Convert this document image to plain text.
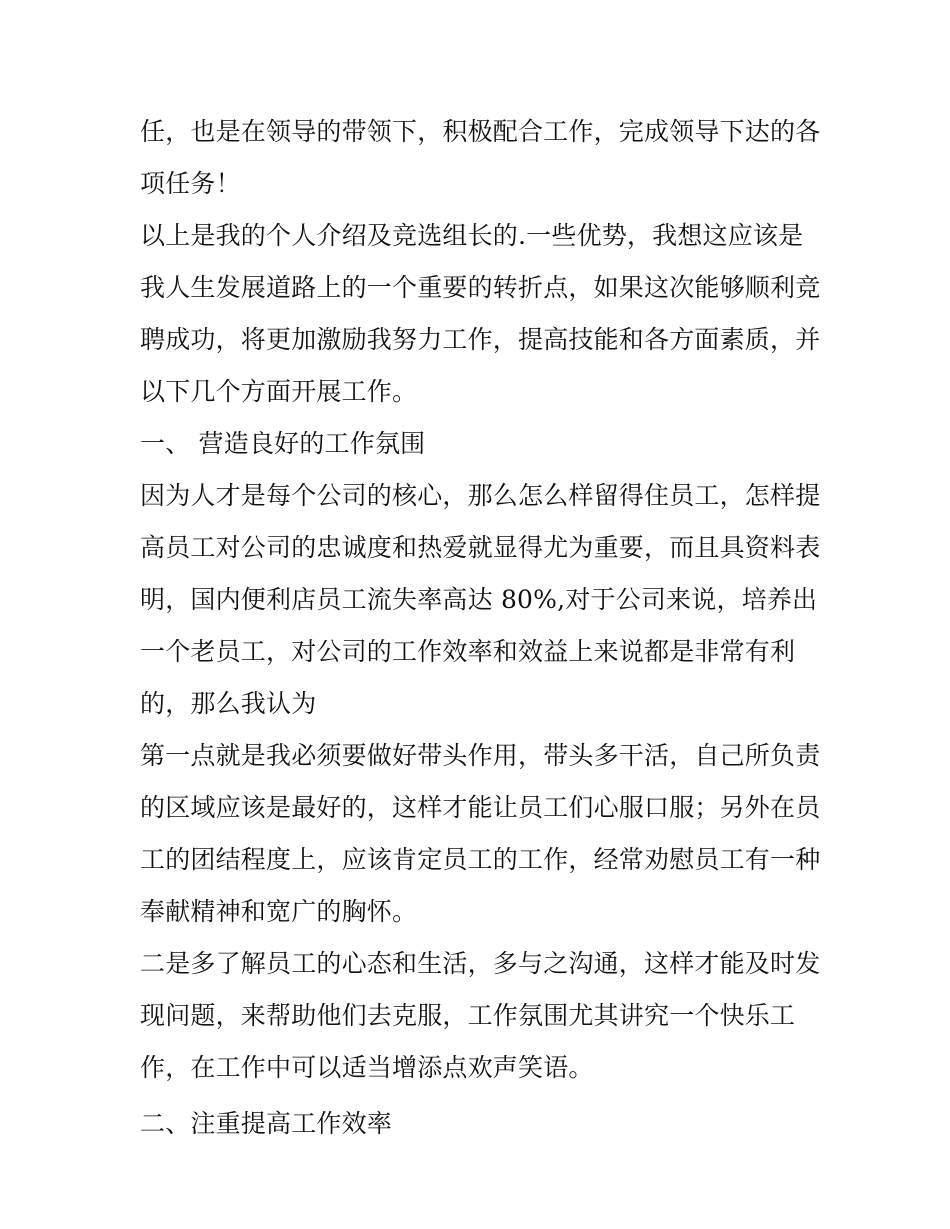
任，也是在领导的带领下，积极配合工作，完成领导下达的各
项任务！
以上是我的个人介绍及竞选组长的.一些优势，我想这应该是
我人生发展道路上的一个重要的转折点，如果这次能够顺利竞
聘成功，将更加激励我努力工作，提高技能和各方面素质，并
以下几个方面开展工作。
一、 营造良好的工作氛围
因为人才是每个公司的核心，那么怎么样留得住员工，怎样提
高员工对公司的忠诚度和热爱就显得尤为重要，而且具资料表
明，国内便利店员工流失率高达 80%,对于公司来说，培养出
一个老员工，对公司的工作效率和效益上来说都是非常有利
的，那么我认为
第一点就是我必须要做好带头作用，带头多干活，自己所负责
的区域应该是最好的，这样才能让员工们心服口服；另外在员
工的团结程度上，应该肯定员工的工作，经常劝慰员工有一种
奉献精神和宽广的胸怀。
二是多了解员工的心态和生活，多与之沟通，这样才能及时发
现问题，来帮助他们去克服，工作氛围尤其讲究一个快乐工
作，在工作中可以适当增添点欢声笑语。
二、注重提高工作效率
